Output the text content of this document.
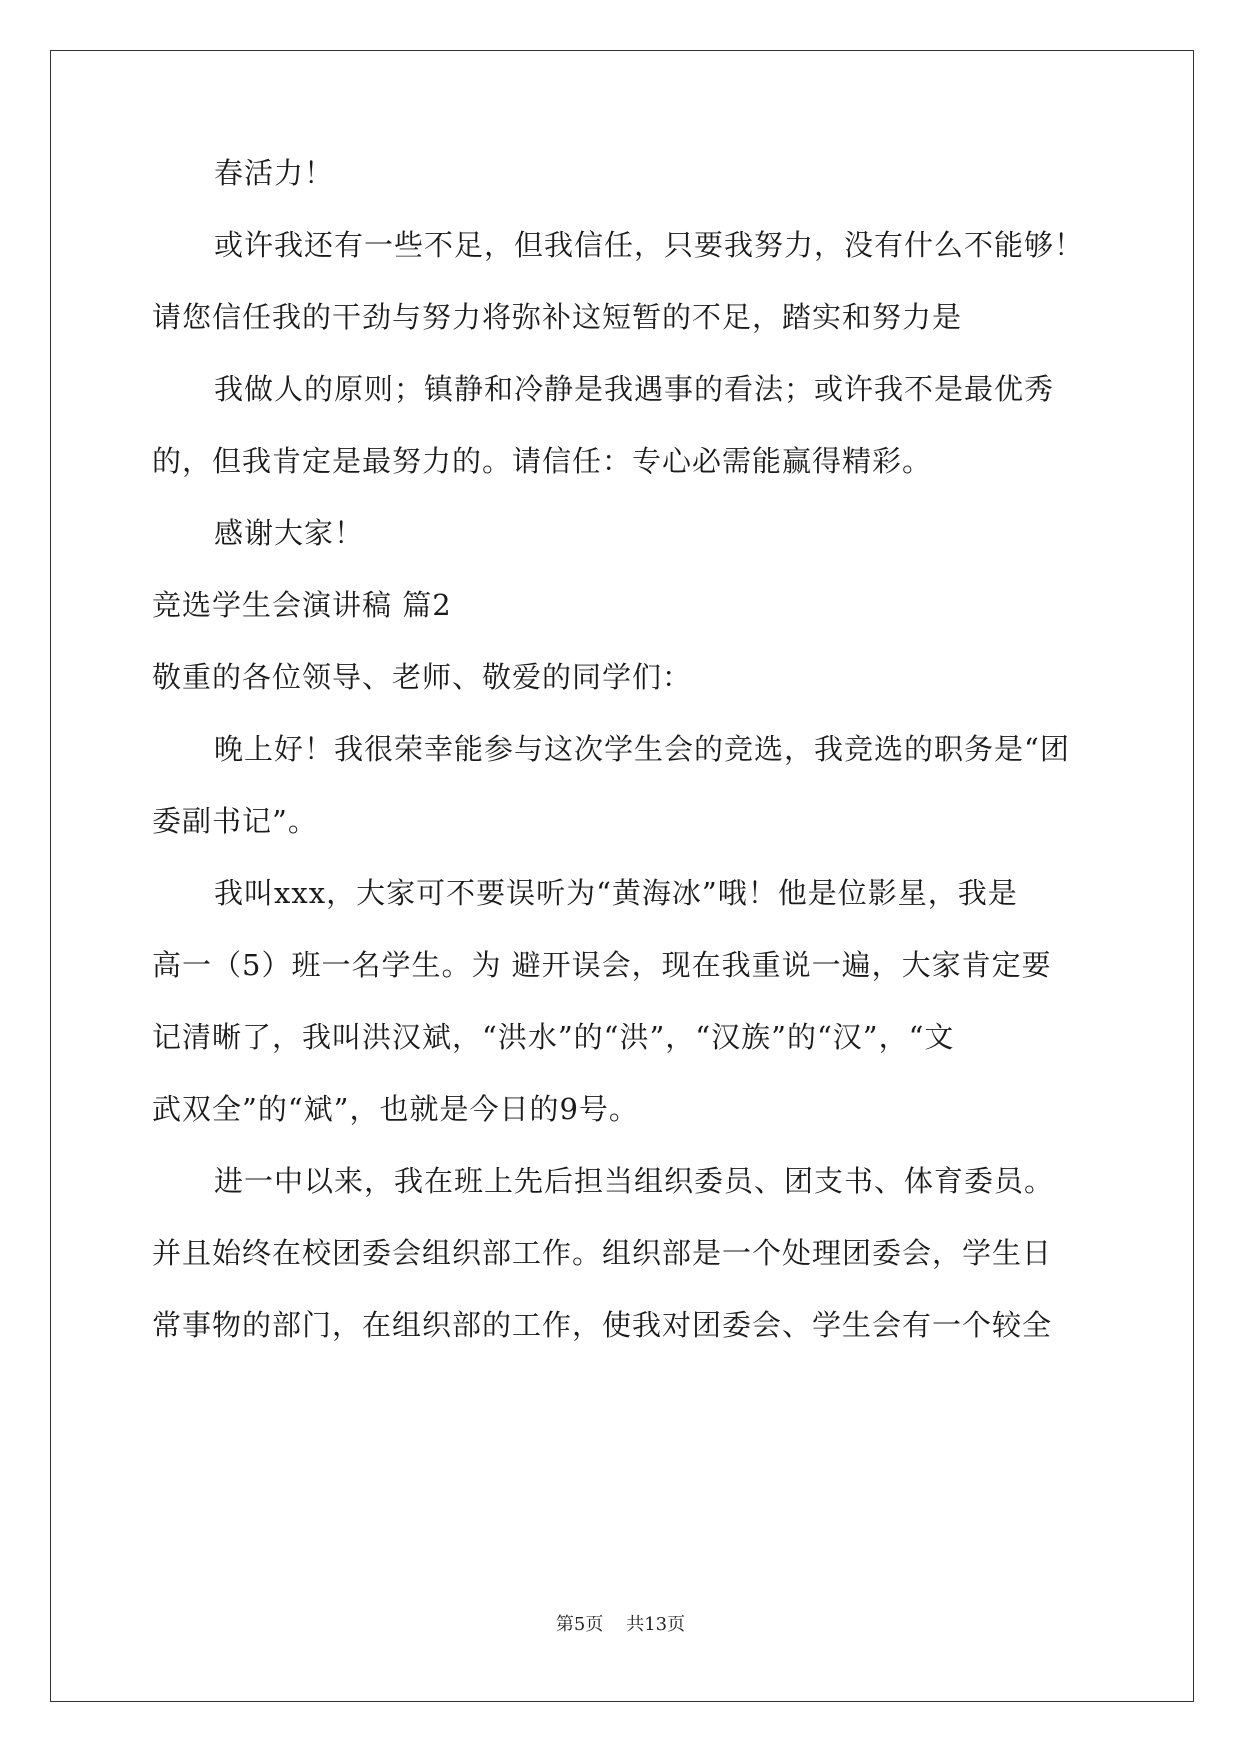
春活力！
或许我还有一些不足，但我信任，只要我努力，没有什么不能够！
请您信任我的干劲与努力将弥补这短暂的不足，踏实和努力是
我做人的原则；镇静和冷静是我遇事的看法；或许我不是最优秀
的，但我肯定是最努力的。请信任：专心必需能赢得精彩。
感谢大家！
竞选学生会演讲稿 篇2
敬重的各位领导、老师、敬爱的同学们：
晚上好！我很荣幸能参与这次学生会的竞选，我竞选的职务是“团
委副书记”。
我叫xxx，大家可不要误听为“黄海冰”哦！他是位影星，我是
高一（5）班一名学生。为 避开误会，现在我重说一遍，大家肯定要
记清晰了，我叫洪汉斌，“洪水”的“洪”，“汉族”的“汉”，“文
武双全”的“斌”，也就是今日的9号。
进一中以来，我在班上先后担当组织委员、团支书、体育委员。
并且始终在校团委会组织部工作。组织部是一个处理团委会，学生日
常事物的部门，在组织部的工作，使我对团委会、学生会有一个较全
第5页    共13页
